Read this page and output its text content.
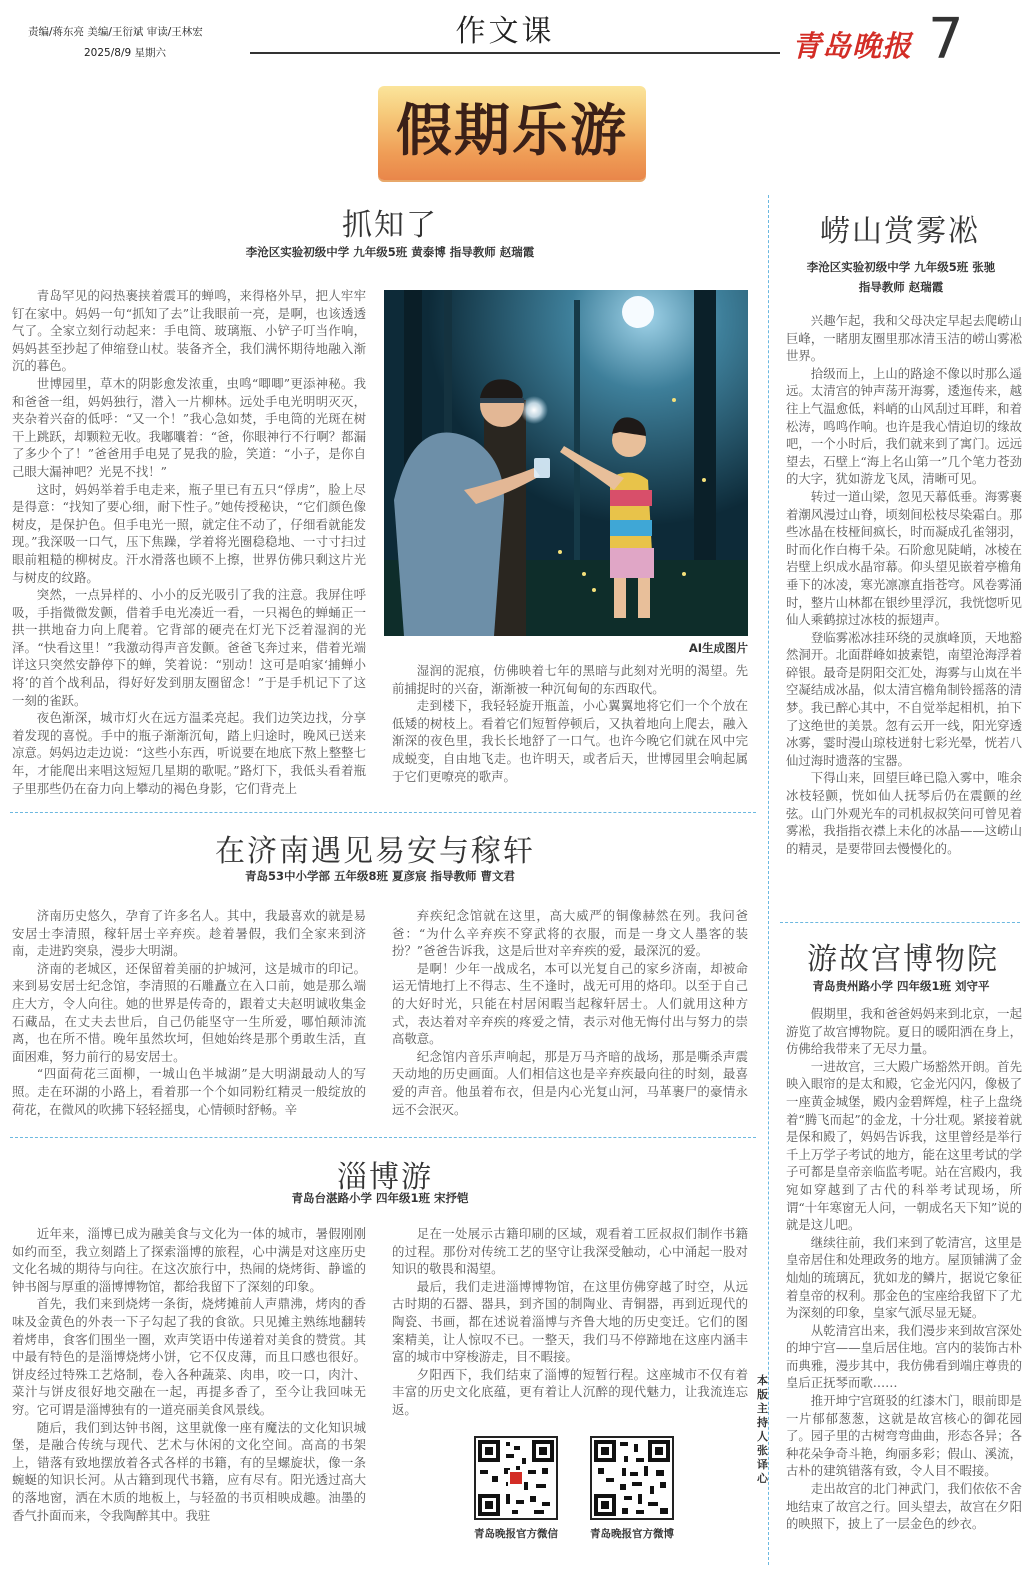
责编/蒋东亮 美编/王衍斌 审读/王林宏
2025/8/9 星期六
作文课	青岛晚报 7
假期乐游
抓知了
李沧区实验初级中学 九年级5班 黄泰博 指导教师 赵瑞霞

青岛罕见的闷热裹挟着震耳的蝉鸣，来得格外早，把人牢牢钉在家中。妈妈一句“抓知了去”让我眼前一亮，是啊，也该透透气了。全家立刻行动起来：手电筒、玻璃瓶、小铲子叮当作响，妈妈甚至抄起了伸缩登山杖。装备齐全，我们满怀期待地融入渐沉的暮色。

世博园里，草木的阴影愈发浓重，虫鸣“唧唧”更添神秘。我和爸爸一组，妈妈独行，潜入一片柳林。远处手电光明明灭灭，夹杂着兴奋的低呼：“又一个！”我心急如焚，手电筒的光斑在树干上跳跃，却颗粒无收。我嘟囔着：“爸，你眼神行不行啊？都漏了多少个了！”爸爸用手电晃了晃我的脸，笑道：“小子，是你自己眼大漏神吧？光晃不找！”

这时，妈妈举着手电走来，瓶子里已有五只“俘虏”，脸上尽是得意：“找知了要心细，耐下性子。”她传授秘诀，“它们颜色像树皮，是保护色。但手电光一照，就定住不动了，仔细看就能发现。”我深吸一口气，压下焦躁，学着将光圈稳稳地、一寸寸扫过眼前粗糙的柳树皮。汗水滑落也顾不上擦，世界仿佛只剩这片光与树皮的纹路。

突然，一点异样的、小小的反光吸引了我的注意。我屏住呼吸，手指微微发颤，借着手电光凑近一看，一只褐色的蝉蛹正一拱一拱地奋力向上爬着。它背部的硬壳在灯光下泛着湿润的光泽。“快看这里！”我激动得声音发颤。爸爸飞奔过来，借着光端详这只突然安静停下的蝉，笑着说：“别动！这可是咱家‘捕蝉小将’的首个战利品，得好好发到朋友圈留念！”于是手机记下了这一刻的雀跃。

夜色渐深，城市灯火在远方温柔亮起。我们边笑边找，分享着发现的喜悦。手中的瓶子渐渐沉甸，踏上归途时，晚风已送来凉意。妈妈边走边说：“这些小东西，听说要在地底下熬上整整七年，才能爬出来唱这短短几星期的歌呢。”路灯下，我低头看着瓶子里那些仍在奋力向上攀动的褐色身影，它们背壳上

AI生成图片

湿润的泥痕，仿佛映着七年的黑暗与此刻对光明的渴望。先前捕捉时的兴奋，渐渐被一种沉甸甸的东西取代。

走到楼下，我轻轻旋开瓶盖，小心翼翼地将它们一个个放在低矮的树枝上。看着它们短暂停顿后，又执着地向上爬去，融入渐深的夜色里，我长长地舒了一口气。也许今晚它们就在风中完成蜕变，自由地飞走。也许明天，或者后天，世博园里会响起属于它们更嘹亮的歌声。

在济南遇见易安与稼轩
青岛53中小学部 五年级8班 夏彦宸 指导教师 曹文君

济南历史悠久，孕育了许多名人。其中，我最喜欢的就是易安居士李清照，稼轩居士辛弃疾。趁着暑假，我们全家来到济南，走进趵突泉，漫步大明湖。

济南的老城区，还保留着美丽的护城河，这是城市的印记。来到易安居士纪念馆，李清照的石雕矗立在入口前，她是那么端庄大方，令人向往。她的世界是传奇的，跟着丈夫赵明诚收集金石藏品，在丈夫去世后，自己仍能坚守一生所爱，哪怕颠沛流离，也在所不惜。晚年虽然坎坷，但她始终是那个勇敢生活，直面困难，努力前行的易安居士。

“四面荷花三面柳，一城山色半城湖”是大明湖最动人的写照。走在环湖的小路上，看着那一个个如同粉红精灵一般绽放的荷花，在微风的吹拂下轻轻摇曳，心情顿时舒畅。辛

弃疾纪念馆就在这里，高大威严的铜像赫然在列。我问爸爸：“为什么辛弃疾不穿武将的衣服，而是一身文人墨客的装扮？”爸爸告诉我，这是后世对辛弃疾的爱，最深沉的爱。

是啊！少年一战成名，本可以光复自己的家乡济南，却被命运无情地打上不得志、生不逢时，战无可用的烙印。以至于自己的大好时光，只能在村居闲暇当起稼轩居士。人们就用这种方式，表达着对辛弃疾的疼爱之情，表示对他无悔付出与努力的崇高敬意。

纪念馆内音乐声响起，那是万马齐暗的战场，那是嘶杀声震天动地的历史画面。人们相信这也是辛弃疾最向往的时刻，最喜爱的声音。他虽着布衣，但是内心光复山河，马革裹尸的豪情永远不会泯灭。

淄博游
青岛台湛路小学 四年级1班 宋抒铠

近年来，淄博已成为融美食与文化为一体的城市，暑假刚刚如约而至，我立刻踏上了探索淄博的旅程，心中满是对这座历史文化名城的期待与向往。在这次旅行中，热闹的烧烤街、静谧的钟书阁与厚重的淄博博物馆，都给我留下了深刻的印象。

首先，我们来到烧烤一条街，烧烤摊前人声鼎沸，烤肉的香味及金黄色的外表一下子勾起了我的食欲。只见摊主熟练地翻转着烤串，食客们围坐一圈，欢声笑语中传递着对美食的赞赏。其中最有特色的是淄博烧烤小饼，它不仅皮薄，而且口感也很好。饼皮经过特殊工艺烙制，卷入各种蔬菜、肉串，咬一口，肉汁、菜汁与饼皮很好地交融在一起，再提多香了，至今让我回味无穷。它可谓是淄博独有的一道亮丽美食风景线。

随后，我们到达钟书阁，这里就像一座有魔法的文化知识城堡，是融合传统与现代、艺术与休闲的文化空间。高高的书架上，错落有致地摆放着各式各样的书籍，有的呈螺旋状，像一条蜿蜒的知识长河。从古籍到现代书籍，应有尽有。阳光透过高大的落地窗，洒在木质的地板上，与轻盈的书页相映成趣。油墨的香气扑面而来，令我陶醉其中。我驻

足在一处展示古籍印刷的区域，观看着工匠叔叔们制作书籍的过程。那份对传统工艺的坚守让我深受触动，心中涌起一股对知识的敬畏和渴望。

最后，我们走进淄博博物馆，在这里仿佛穿越了时空，从远古时期的石器、器具，到齐国的制陶业、青铜器，再到近现代的陶瓷、书画，都在述说着淄博与齐鲁大地的历史变迁。它们的图案精美，让人惊叹不已。一整天，我们马不停蹄地在这座内涵丰富的城市中穿梭游走，目不暇接。

夕阳西下，我们结束了淄博的短暂行程。这座城市不仅有着丰富的历史文化底蕴，更有着让人沉醉的现代魅力，让我流连忘返。

青岛晚报官方微信	青岛晚报官方微博
本版主持人 张译心
崂山赏雾凇
李沧区实验初级中学 九年级5班 张驰
指导教师 赵瑞霞

兴趣乍起，我和父母决定早起去爬崂山巨峰，一睹朋友圈里那冰清玉洁的崂山雾凇世界。

拾级而上，上山的路途不像以时那么遥远。太清宫的钟声荡开海雾，逶迤传来，越往上气温愈低，料峭的山风刮过耳畔，和着松涛，鸣鸣作响。也许是我心情迫切的缘故吧，一个小时后，我们就来到了寓门。远远望去，石壁上“海上名山第一”几个笔力苍劲的大字，犹如游龙飞凤，清晰可见。

转过一道山梁，忽见天幕低垂。海雾裹着潮风漫过山脊，顷刻间松枝尽染霜白。那些冰晶在枝桠间疯长，时而凝成孔雀翎羽，时而化作白梅千朵。石阶愈见陡峭，冰棱在岩壁上织成水晶帘幕。仰头望见嵌着亭檐角垂下的冰凌，寒光凛凛直指苍穹。风卷雾涌时，整片山林都在银纱里浮沉，我恍惚听见仙人乘鹤掠过冰枝的振翅声。

登临雾凇冰挂环绕的灵旗峰顶，天地豁然洞开。北面群峰如披素铠，南望沧海浮着碎银。最奇是阴阳交汇处，海雾与山岚在半空凝结成冰晶，似太清宫檐角制铃摇落的清梦。我已醉心其中，不自觉举起相机，拍下了这绝世的美景。忽有云开一线，阳光穿透冰雾，霎时漫山琼枝迸射七彩光晕，恍若八仙过海时遗落的宝器。

下得山来，回望巨峰已隐入雾中，唯余冰枝轻颤，恍如仙人抚琴后仍在震颤的丝弦。山门外观光车的司机叔叔笑问可曾见着雾凇，我指指衣襟上未化的冰晶——这崂山的精灵，是要带回去慢慢化的。

游故宫博物院
青岛贵州路小学 四年级1班 刘守平

假期里，我和爸爸妈妈来到北京，一起游览了故宫博物院。夏日的暖阳洒在身上，仿佛给我带来了无尽力量。

一进故宫，三大殿广场豁然开朗。首先映入眼帘的是太和殿，它金光闪闪，像极了一座黄金城堡，殿内金碧辉煌，柱子上盘绕着“腾飞而起”的金龙，十分壮观。紧接着就是保和殿了，妈妈告诉我，这里曾经是举行千上万学子考试的地方，能在这里考试的学子可都是皇帝亲临监考呢。站在宫殿内，我宛如穿越到了古代的科举考试现场，所谓“十年寒窗无人问，一朝成名天下知”说的就是这儿吧。

继续往前，我们来到了乾清宫，这里是皇帝居住和处理政务的地方。屋顶铺满了金灿灿的琉璃瓦，犹如龙的鳞片，据说它象征着皇帝的权利。那金色的宝座给我留下了尤为深刻的印象，皇家气派尽显无疑。

从乾清宫出来，我们漫步来到故宫深处的坤宁宫——皇后居住地。宫内的装饰古朴而典雅，漫步其中，我仿佛看到端庄尊贵的皇后正抚琴而歌……

推开坤宁宫斑驳的红漆木门，眼前即是一片郁郁葱葱，这就是故宫核心的御花园了。园子里的古树弯弯曲曲，形态各异；各种花朵争奇斗艳，绚丽多彩；假山、溪流，古朴的建筑错落有致，令人目不暇接。

走出故宫的北门神武门，我们依依不舍地结束了故宫之行。回头望去，故宫在夕阳的映照下，披上了一层金色的纱衣。
